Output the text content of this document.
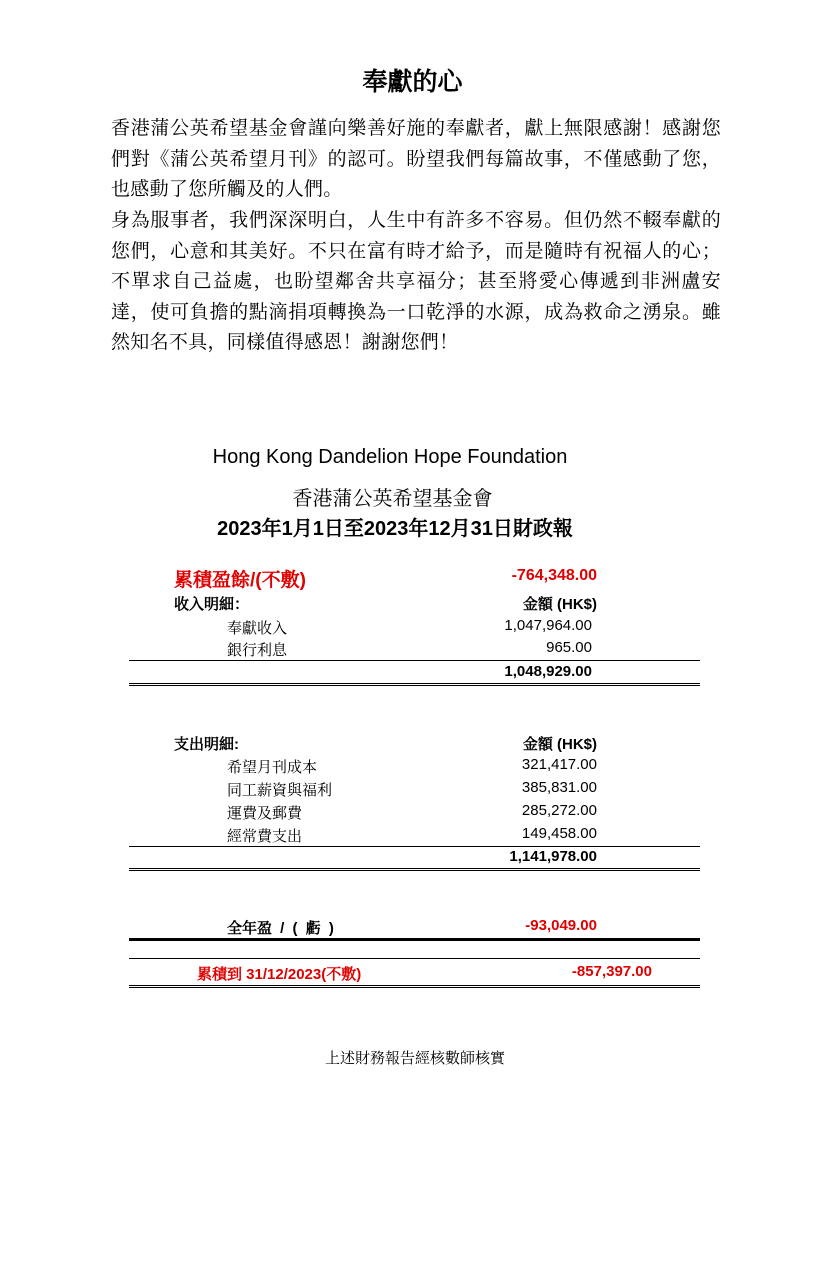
奉獻的心
香港蒲公英希望基金會謹向樂善好施的奉獻者，獻上無限感謝！感謝您們對《蒲公英希望月刊》的認可。盼望我們每篇故事，不僅感動了您，也感動了您所觸及的人們。
身為服事者，我們深深明白，人生中有許多不容易。但仍然不輟奉獻的您們，心意和其美好。不只在富有時才給予，而是隨時有祝福人的心；不單求自己益處，也盼望鄰舍共享福分；甚至將愛心傳遞到非洲盧安達，使可負擔的點滴捐項轉換為一口乾淨的水源，成為救命之湧泉。雖然知名不具，同樣值得感恩！謝謝您們！
Hong Kong Dandelion Hope Foundation
香港蒲公英希望基金會
2023年1月1日至2023年12月31日財政報
累積盈餘/(不敷)	-764,348.00
收入明細：	金額 (HK$)
奉獻收入	1,047,964.00
銀行利息	965.00
1,048,929.00
支出明細:	金額 (HK$)
希望月刊成本	321,417.00
同工薪資與福利	385,831.00
運費及郵費	285,272.00
經常費支出	149,458.00
1,141,978.00
全年盈 / ( 虧 )	-93,049.00
累積到 31/12/2023(不敷)	-857,397.00
上述財務報告經核數師核實
